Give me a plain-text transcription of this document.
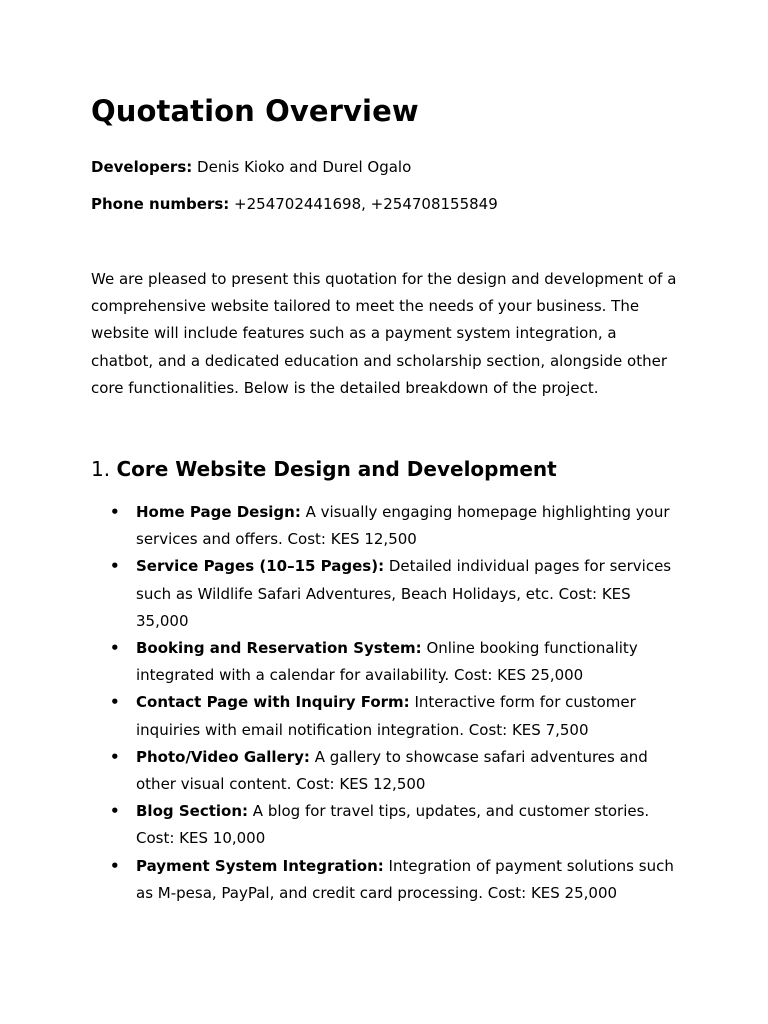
Quotation Overview

Developers: Denis Kioko and Durel Ogalo

Phone numbers: +254702441698, +254708155849

We are pleased to present this quotation for the design and development of a comprehensive website tailored to meet the needs of your business. The website will include features such as a payment system integration, a chatbot, and a dedicated education and scholarship section, alongside other core functionalities. Below is the detailed breakdown of the project.

1. Core Website Design and Development
• Home Page Design: A visually engaging homepage highlighting your services and offers. Cost: KES 12,500
• Service Pages (10–15 Pages): Detailed individual pages for services such as Wildlife Safari Adventures, Beach Holidays, etc. Cost: KES 35,000
• Booking and Reservation System: Online booking functionality integrated with a calendar for availability. Cost: KES 25,000
• Contact Page with Inquiry Form: Interactive form for customer inquiries with email notification integration. Cost: KES 7,500
• Photo/Video Gallery: A gallery to showcase safari adventures and other visual content. Cost: KES 12,500
• Blog Section: A blog for travel tips, updates, and customer stories. Cost: KES 10,000
• Payment System Integration: Integration of payment solutions such as M-pesa, PayPal, and credit card processing. Cost: KES 25,000
